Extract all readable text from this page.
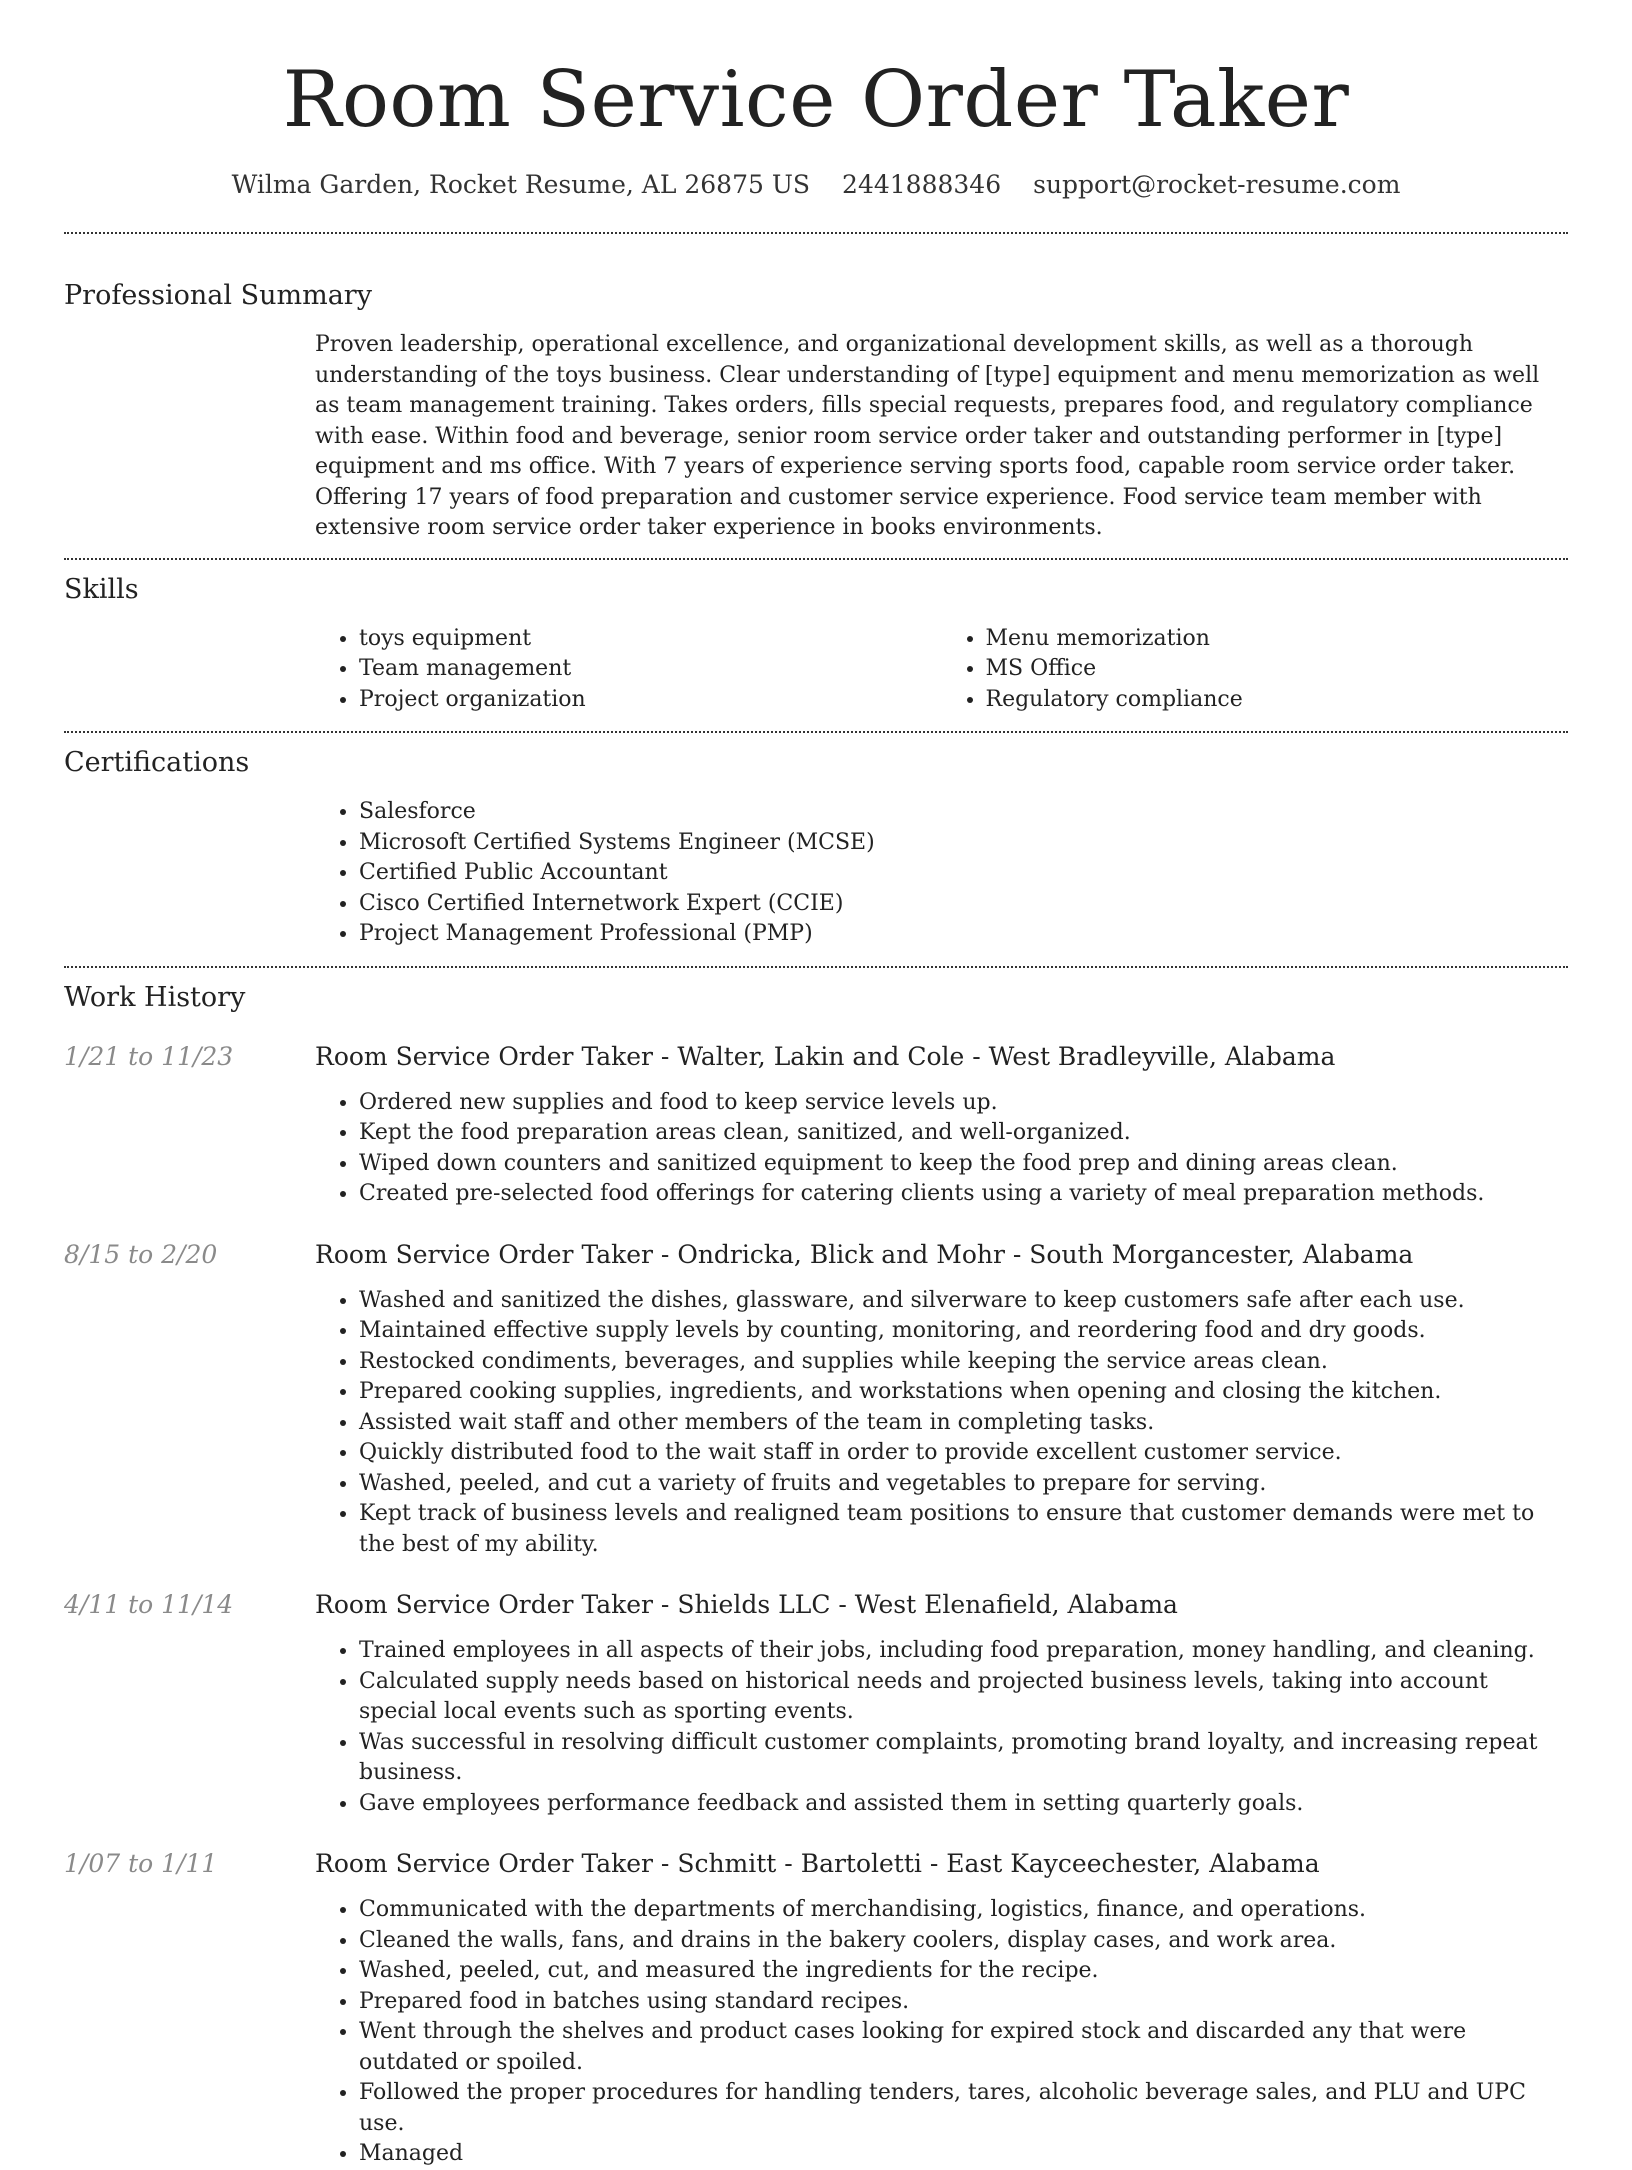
Room Service Order Taker
Wilma Garden, Rocket Resume, AL 26875 US 2441888346 support@rocket-resume.com
Professional Summary

Proven leadership, operational excellence, and organizational development skills, as well as a thorough understanding of the toys business. Clear understanding of [type] equipment and menu memorization as well as team management training. Takes orders, fills special requests, prepares food, and regulatory compliance with ease. Within food and beverage, senior room service order taker and outstanding performer in [type] equipment and ms office. With 7 years of experience serving sports food, capable room service order taker. Offering 17 years of food preparation and customer service experience. Food service team member with extensive room service order taker experience in books environments.

Skills
• toys equipment
• Team management
• Project organization
• Menu memorization
• MS Office
• Regulatory compliance
Certifications
• Salesforce
• Microsoft Certified Systems Engineer (MCSE)
• Certified Public Accountant
• Cisco Certified Internetwork Expert (CCIE)
• Project Management Professional (PMP)
Work History
1/21 to 11/23	Room Service Order Taker - Walter, Lakin and Cole - West Bradleyville, Alabama
• Ordered new supplies and food to keep service levels up.
• Kept the food preparation areas clean, sanitized, and well-organized.
• Wiped down counters and sanitized equipment to keep the food prep and dining areas clean.
• Created pre-selected food offerings for catering clients using a variety of meal preparation methods.
8/15 to 2/20	Room Service Order Taker - Ondricka, Blick and Mohr - South Morgancester, Alabama
• Washed and sanitized the dishes, glassware, and silverware to keep customers safe after each use.
• Maintained effective supply levels by counting, monitoring, and reordering food and dry goods.
• Restocked condiments, beverages, and supplies while keeping the service areas clean.
• Prepared cooking supplies, ingredients, and workstations when opening and closing the kitchen.
• Assisted wait staff and other members of the team in completing tasks.
• Quickly distributed food to the wait staff in order to provide excellent customer service.
• Washed, peeled, and cut a variety of fruits and vegetables to prepare for serving.
• Kept track of business levels and realigned team positions to ensure that customer demands were met to the best of my ability.
4/11 to 11/14	Room Service Order Taker - Shields LLC - West Elenafield, Alabama
• Trained employees in all aspects of their jobs, including food preparation, money handling, and cleaning.
• Calculated supply needs based on historical needs and projected business levels, taking into account special local events such as sporting events.
• Was successful in resolving difficult customer complaints, promoting brand loyalty, and increasing repeat business.
• Gave employees performance feedback and assisted them in setting quarterly goals.
1/07 to 1/11	Room Service Order Taker - Schmitt - Bartoletti - East Kayceechester, Alabama
• Communicated with the departments of merchandising, logistics, finance, and operations.
• Cleaned the walls, fans, and drains in the bakery coolers, display cases, and work area.
• Washed, peeled, cut, and measured the ingredients for the recipe.
• Prepared food in batches using standard recipes.
• Went through the shelves and product cases looking for expired stock and discarded any that were outdated or spoiled.
• Followed the proper procedures for handling tenders, tares, alcoholic beverage sales, and PLU and UPC use.
• Managed
